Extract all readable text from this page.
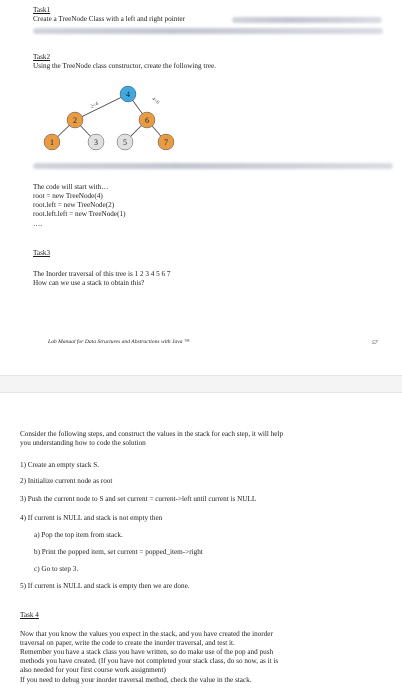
Task1
Create a TreeNode Class with a left and right pointer
Task2
Using the TreeNode class constructor, create the following tree.
2<4
4<6
4
2	6
1	3	5	7
The code will start with…
root = new TreeNode(4)
root.left = new TreeNode(2)
root.left.left = new TreeNode(1)
….
Task3
The Inorder traversal of this tree is 1 2 3 4 5 6 7
How can we use a stack to obtain this?
Lab Manual for Data Structures and Abstractions with Java ™	57
Consider the following steps, and construct the values in the stack for each step, it will help
you understanding how to code the solution
1) Create an empty stack S.
2) Initialize current node as root
3) Push the current node to S and set current = current->left until current is NULL
4) If current is NULL and stack is not empty then
a) Pop the top item from stack.
b) Print the popped item, set current = popped_item->right
c) Go to step 3.
5) If current is NULL and stack is empty then we are done.
Task 4
Now that you know the values you expect in the stack, and you have created the inorder
traversal on paper, write the code to create the inorder traversal, and test it.
Remember you have a stack class you have written, so do make use of the pop and push
methods you have created. (If you have not completed your stack class, do so now, as it is
also needed for your first course work assignment)
If you need to debug your inorder traversal method, check the value in the stack.
